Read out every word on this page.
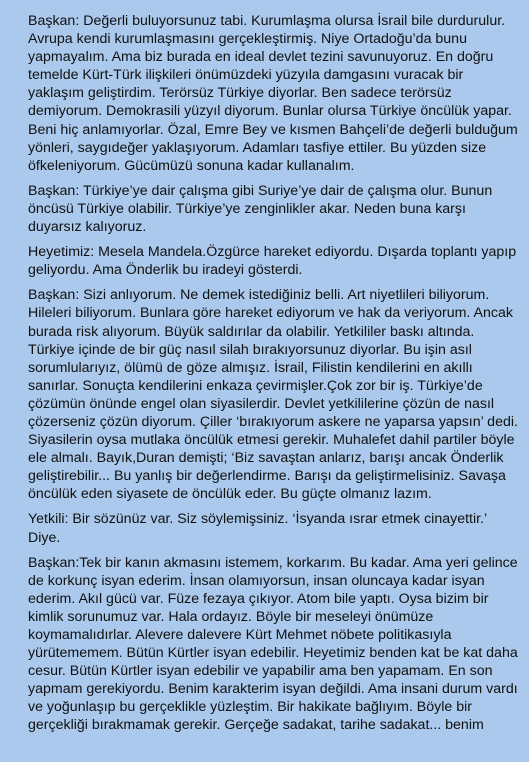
Başkan: Değerli buluyorsunuz tabi. Kurumlaşma olursa İsrail bile durdurulur. Avrupa kendi kurumlaşmasını gerçekleştirmiş. Niye Ortadoğu’da bunu yapmayalım. Ama biz burada en ideal devlet tezini savunuyoruz. En doğru temelde Kürt-Türk ilişkileri önümüzdeki yüzyıla damgasını vuracak bir yaklaşım geliştirdim. Terörsüz Türkiye diyorlar. Ben sadece terörsüz demiyorum. Demokrasili yüzyıl diyorum. Bunlar olursa Türkiye öncülük yapar. Beni hiç anlamıyorlar. Özal, Emre Bey ve kısmen Bahçeli’de değerli bulduğum yönleri, saygıdeğer yaklaşıyorum. Adamları tasfiye ettiler. Bu yüzden size öfkeleniyorum. Gücümüzü sonuna kadar kullanalım.

Başkan: Türkiye’ye dair çalışma gibi Suriye’ye dair de çalışma olur. Bunun öncüsü Türkiye olabilir. Türkiye’ye zenginlikler akar. Neden buna karşı duyarsız kalıyoruz.

Heyetimiz: Mesela Mandela.Özgürce hareket ediyordu. Dışarda toplantı yapıp geliyordu. Ama Önderlik bu iradeyi gösterdi.

Başkan: Sizi anlıyorum. Ne demek istediğiniz belli. Art niyetlileri biliyorum. Hileleri biliyorum. Bunlara göre hareket ediyorum ve hak da veriyorum. Ancak burada risk alıyorum. Büyük saldırılar da olabilir. Yetkililer baskı altında. Türkiye içinde de bir güç nasıl silah bırakıyorsunuz diyorlar. Bu işin asıl sorumlularıyız, ölümü de göze almışız. İsrail, Filistin kendilerini en akıllı sanırlar. Sonuçta kendilerini enkaza çevirmişler.Çok zor bir iş. Türkiye’de çözümün önünde engel olan siyasilerdir. Devlet yetkililerine çözün de nasıl çözerseniz çözün diyorum. Çiller ‘bırakıyorum askere ne yaparsa yapsın’ dedi. Siyasilerin oysa mutlaka öncülük etmesi gerekir. Muhalefet dahil partiler böyle ele almalı. Bayık,Duran demişti; ‘Biz savaştan anlarız, barışı ancak Önderlik geliştirebilir... Bu yanlış bir değerlendirme. Barışı da geliştirmelisiniz. Savaşa öncülük eden siyasete de öncülük eder. Bu güçte olmanız lazım.

Yetkili: Bir sözünüz var. Siz söylemişsiniz. ‘İsyanda ısrar etmek cinayettir.’ Diye.

Başkan:Tek bir kanın akmasını istemem, korkarım. Bu kadar. Ama yeri gelince de korkunç isyan ederim. İnsan olamıyorsun, insan oluncaya kadar isyan ederim. Akıl gücü var. Füze fezaya çıkıyor. Atom bile yaptı. Oysa bizim bir kimlik sorunumuz var. Hala ordayız. Böyle bir meseleyi önümüze koymamalıdırlar. Alevere dalevere Kürt Mehmet nöbete politikasıyla yürütememem. Bütün Kürtler isyan edebilir. Heyetimiz benden kat be kat daha cesur. Bütün Kürtler isyan edebilir ve yapabilir ama ben yapamam. En son yapmam gerekiyordu. Benim karakterim isyan değildi. Ama insani durum vardı ve yoğunlaşıp bu gerçeklikle yüzleştim. Bir hakikate bağlıyım. Böyle bir gerçekliği bırakmamak gerekir. Gerçeğe sadakat, tarihe sadakat... benim
